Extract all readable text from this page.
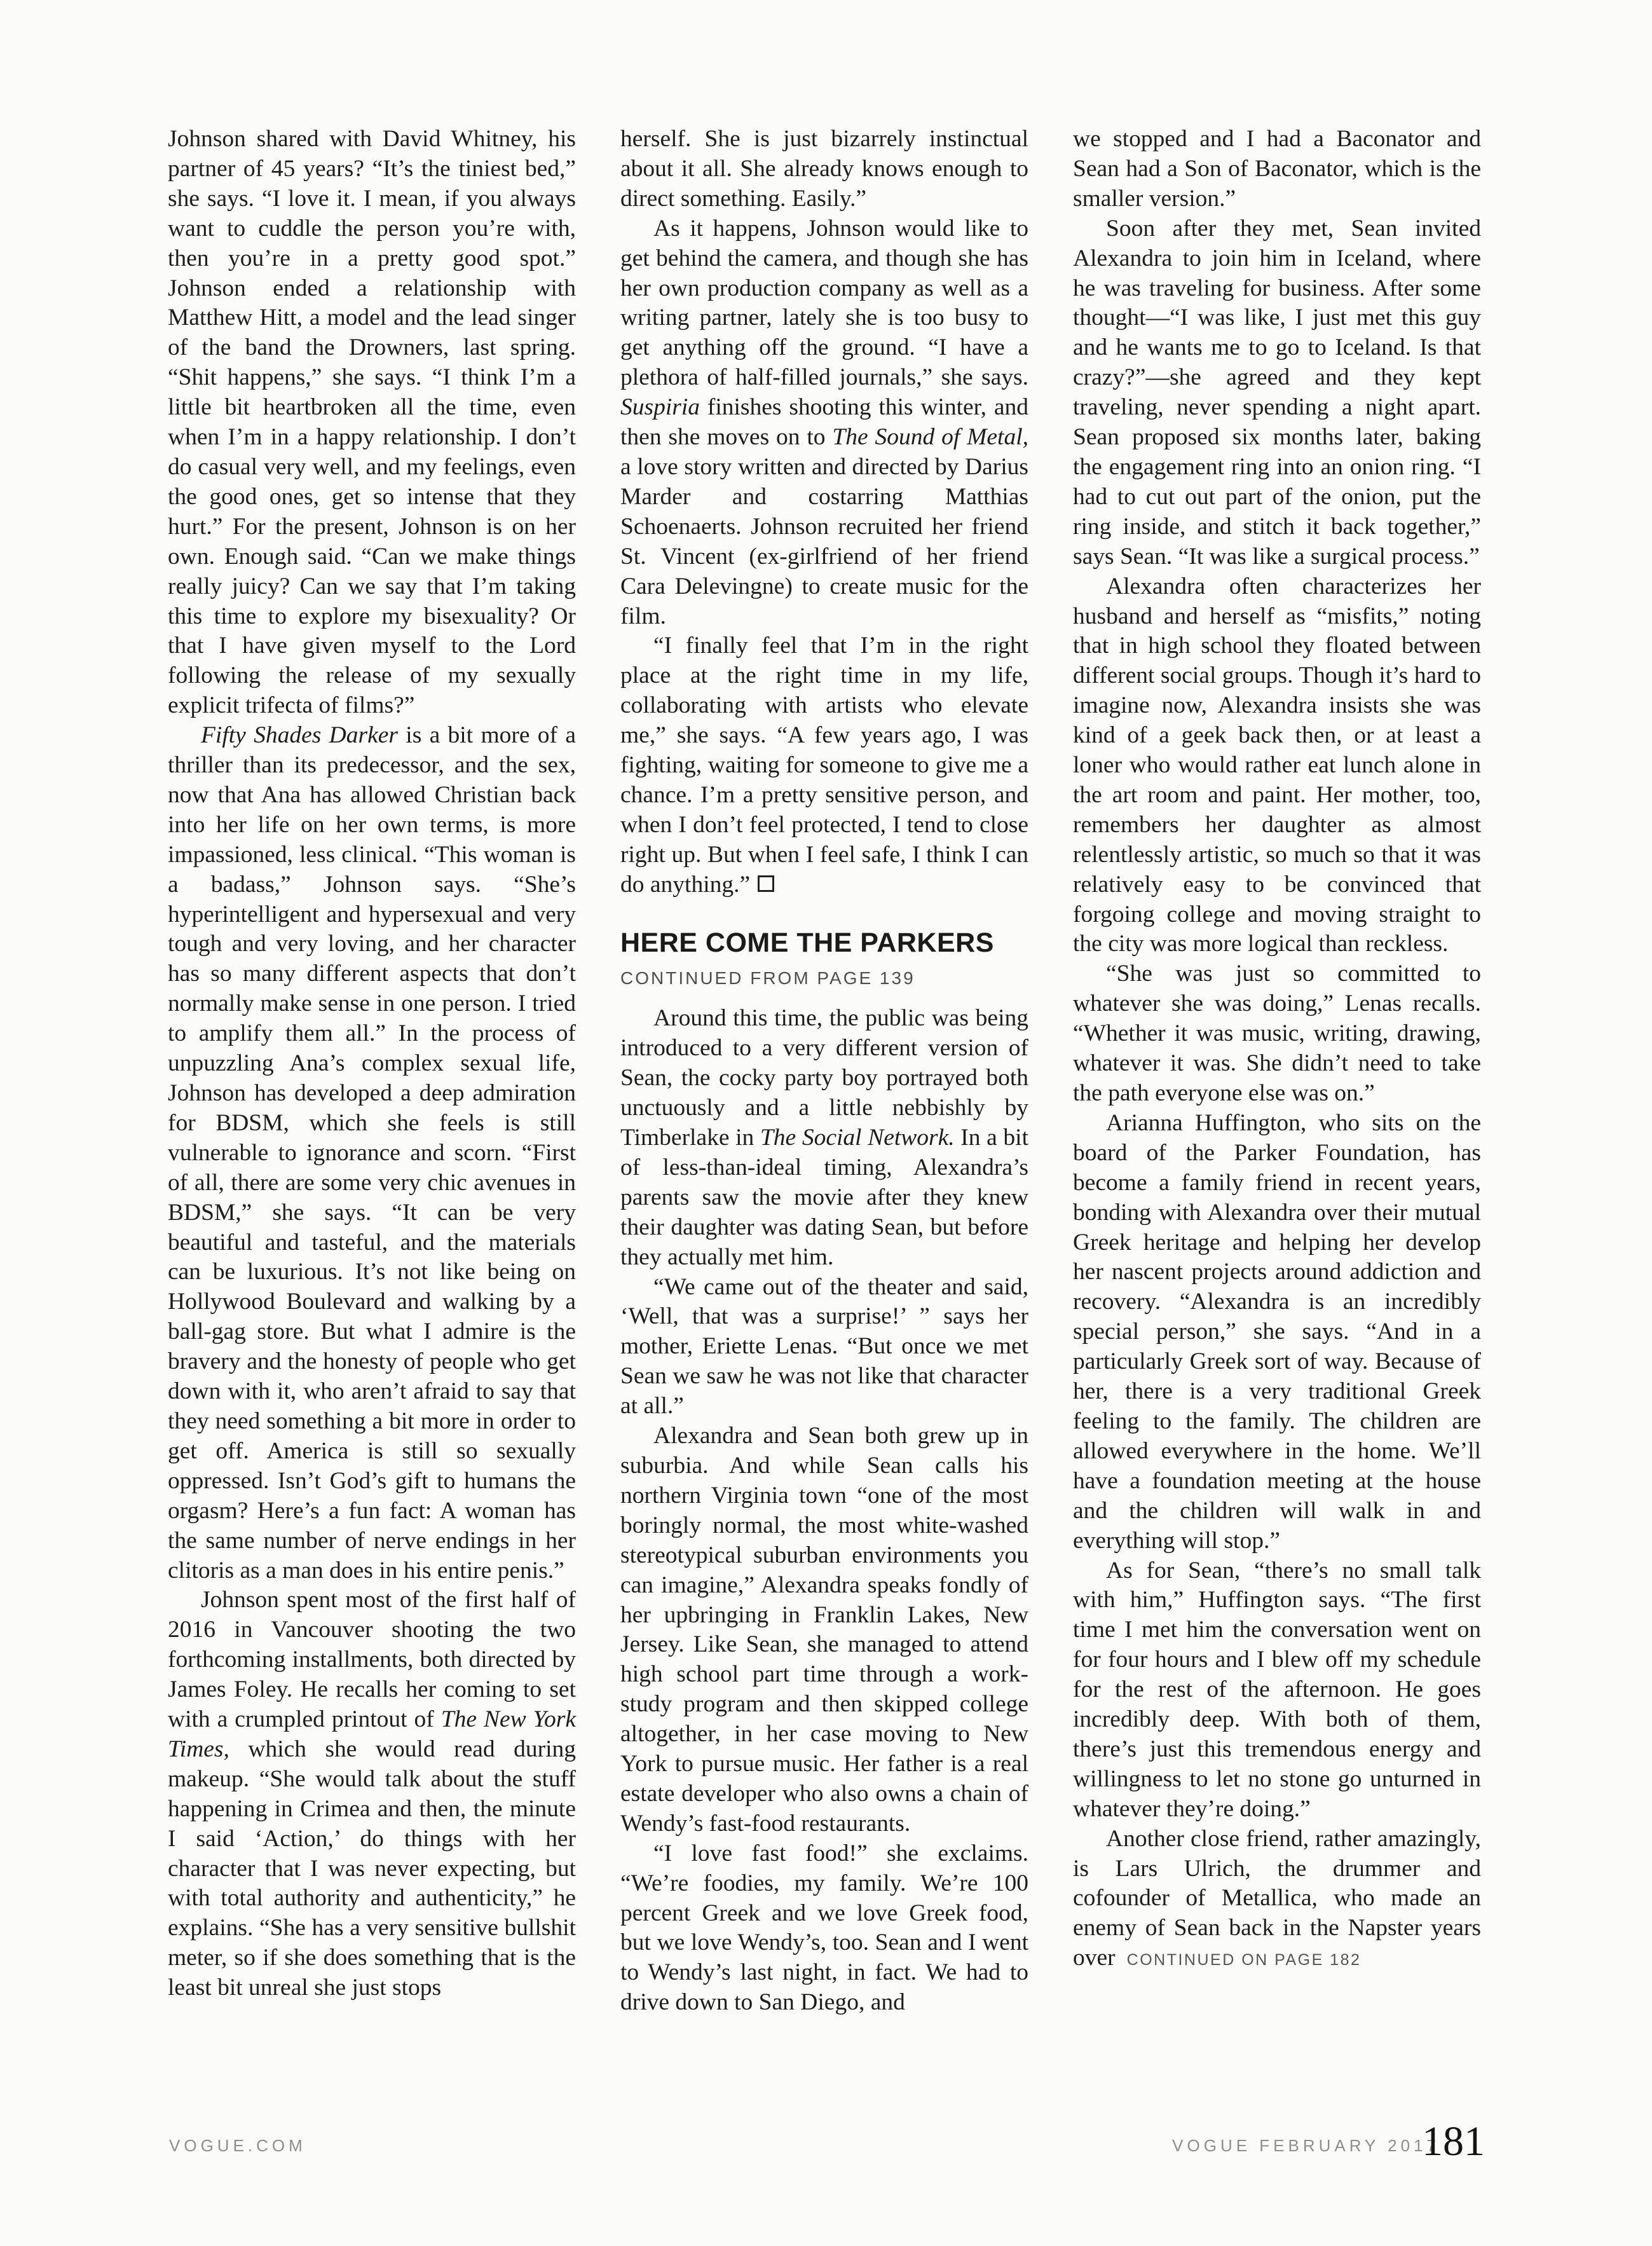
Johnson shared with David Whitney, his partner of 45 years? “It’s the tiniest bed,” she says. “I love it. I mean, if you always want to cuddle the person you’re with, then you’re in a pretty good spot.” Johnson ended a relationship with Matthew Hitt, a model and the lead singer of the band the Drowners, last spring. “Shit happens,” she says. “I think I’m a little bit heartbroken all the time, even when I’m in a happy relationship. I don’t do casual very well, and my feelings, even the good ones, get so intense that they hurt.” For the present, Johnson is on her own. Enough said. “Can we make things really juicy? Can we say that I’m taking this time to explore my bisexuality? Or that I have given myself to the Lord following the release of my sexually explicit trifecta of films?”

Fifty Shades Darker is a bit more of a thriller than its predecessor, and the sex, now that Ana has allowed Christian back into her life on her own terms, is more impassioned, less clinical. “This woman is a badass,” Johnson says. “She’s hyperintelligent and hypersexual and very tough and very loving, and her character has so many different aspects that don’t normally make sense in one person. I tried to amplify them all.” In the process of unpuzzling Ana’s complex sexual life, Johnson has developed a deep admiration for BDSM, which she feels is still vulnerable to ignorance and scorn. “First of all, there are some very chic avenues in BDSM,” she says. “It can be very beautiful and tasteful, and the materials can be luxurious. It’s not like being on Hollywood Boulevard and walking by a ball-gag store. But what I admire is the bravery and the honesty of people who get down with it, who aren’t afraid to say that they need something a bit more in order to get off. America is still so sexually oppressed. Isn’t God’s gift to humans the orgasm? Here’s a fun fact: A woman has the same number of nerve endings in her clitoris as a man does in his entire penis.”

Johnson spent most of the first half of 2016 in Vancouver shooting the two forthcoming installments, both directed by James Foley. He recalls her coming to set with a crumpled printout of The New York Times, which she would read during makeup. “She would talk about the stuff happening in Crimea and then, the minute I said ‘Action,’ do things with her character that I was never expecting, but with total authority and authenticity,” he explains. “She has a very sensitive bullshit meter, so if she does something that is the least bit unreal she just stops

herself. She is just bizarrely instinctual about it all. She already knows enough to direct something. Easily.”

As it happens, Johnson would like to get behind the camera, and though she has her own production company as well as a writing partner, lately she is too busy to get anything off the ground. “I have a plethora of half-filled journals,” she says. Suspiria finishes shooting this winter, and then she moves on to The Sound of Metal, a love story written and directed by Darius Marder and costarring Matthias Schoenaerts. Johnson recruited her friend St. Vincent (ex-girlfriend of her friend Cara Delevingne) to create music for the film.

“I finally feel that I’m in the right place at the right time in my life, collaborating with artists who elevate me,” she says. “A few years ago, I was fighting, waiting for someone to give me a chance. I’m a pretty sensitive person, and when I don’t feel protected, I tend to close right up. But when I feel safe, I think I can do anything.”

HERE COME THE PARKERS
CONTINUED FROM PAGE 139

Around this time, the public was being introduced to a very different version of Sean, the cocky party boy portrayed both unctuously and a little nebbishly by Timberlake in The Social Network. In a bit of less-than-ideal timing, Alexandra’s parents saw the movie after they knew their daughter was dating Sean, but before they actually met him.

“We came out of the theater and said, ‘Well, that was a surprise!’ ” says her mother, Eriette Lenas. “But once we met Sean we saw he was not like that character at all.”

Alexandra and Sean both grew up in suburbia. And while Sean calls his northern Virginia town “one of the most boringly normal, the most white-washed stereotypical suburban environments you can imagine,” Alexandra speaks fondly of her upbringing in Franklin Lakes, New Jersey. Like Sean, she managed to attend high school part time through a work-study program and then skipped college altogether, in her case moving to New York to pursue music. Her father is a real estate developer who also owns a chain of Wendy’s fast-food restaurants.

“I love fast food!” she exclaims. “We’re foodies, my family. We’re 100 percent Greek and we love Greek food, but we love Wendy’s, too. Sean and I went to Wendy’s last night, in fact. We had to drive down to San Diego, and

we stopped and I had a Baconator and Sean had a Son of Baconator, which is the smaller version.”

Soon after they met, Sean invited Alexandra to join him in Iceland, where he was traveling for business. After some thought—“I was like, I just met this guy and he wants me to go to Iceland. Is that crazy?”—she agreed and they kept traveling, never spending a night apart. Sean proposed six months later, baking the engagement ring into an onion ring. “I had to cut out part of the onion, put the ring inside, and stitch it back together,” says Sean. “It was like a surgical process.”

Alexandra often characterizes her husband and herself as “misfits,” noting that in high school they floated between different social groups. Though it’s hard to imagine now, Alexandra insists she was kind of a geek back then, or at least a loner who would rather eat lunch alone in the art room and paint. Her mother, too, remembers her daughter as almost relentlessly artistic, so much so that it was relatively easy to be convinced that forgoing college and moving straight to the city was more logical than reckless.

“She was just so committed to whatever she was doing,” Lenas recalls. “Whether it was music, writing, drawing, whatever it was. She didn’t need to take the path everyone else was on.”

Arianna Huffington, who sits on the board of the Parker Foundation, has become a family friend in recent years, bonding with Alexandra over their mutual Greek heritage and helping her develop her nascent projects around addiction and recovery. “Alexandra is an incredibly special person,” she says. “And in a particularly Greek sort of way. Because of her, there is a very traditional Greek feeling to the family. The children are allowed everywhere in the home. We’ll have a foundation meeting at the house and the children will walk in and everything will stop.”

As for Sean, “there’s no small talk with him,” Huffington says. “The first time I met him the conversation went on for four hours and I blew off my schedule for the rest of the afternoon. He goes incredibly deep. With both of them, there’s just this tremendous energy and willingness to let no stone go unturned in whatever they’re doing.”

Another close friend, rather amazingly, is Lars Ulrich, the drummer and cofounder of Metallica, who made an enemy of Sean back in the Napster years over CONTINUED ON PAGE 182

VOGUE.COM	VOGUE FEBRUARY 2017
181
